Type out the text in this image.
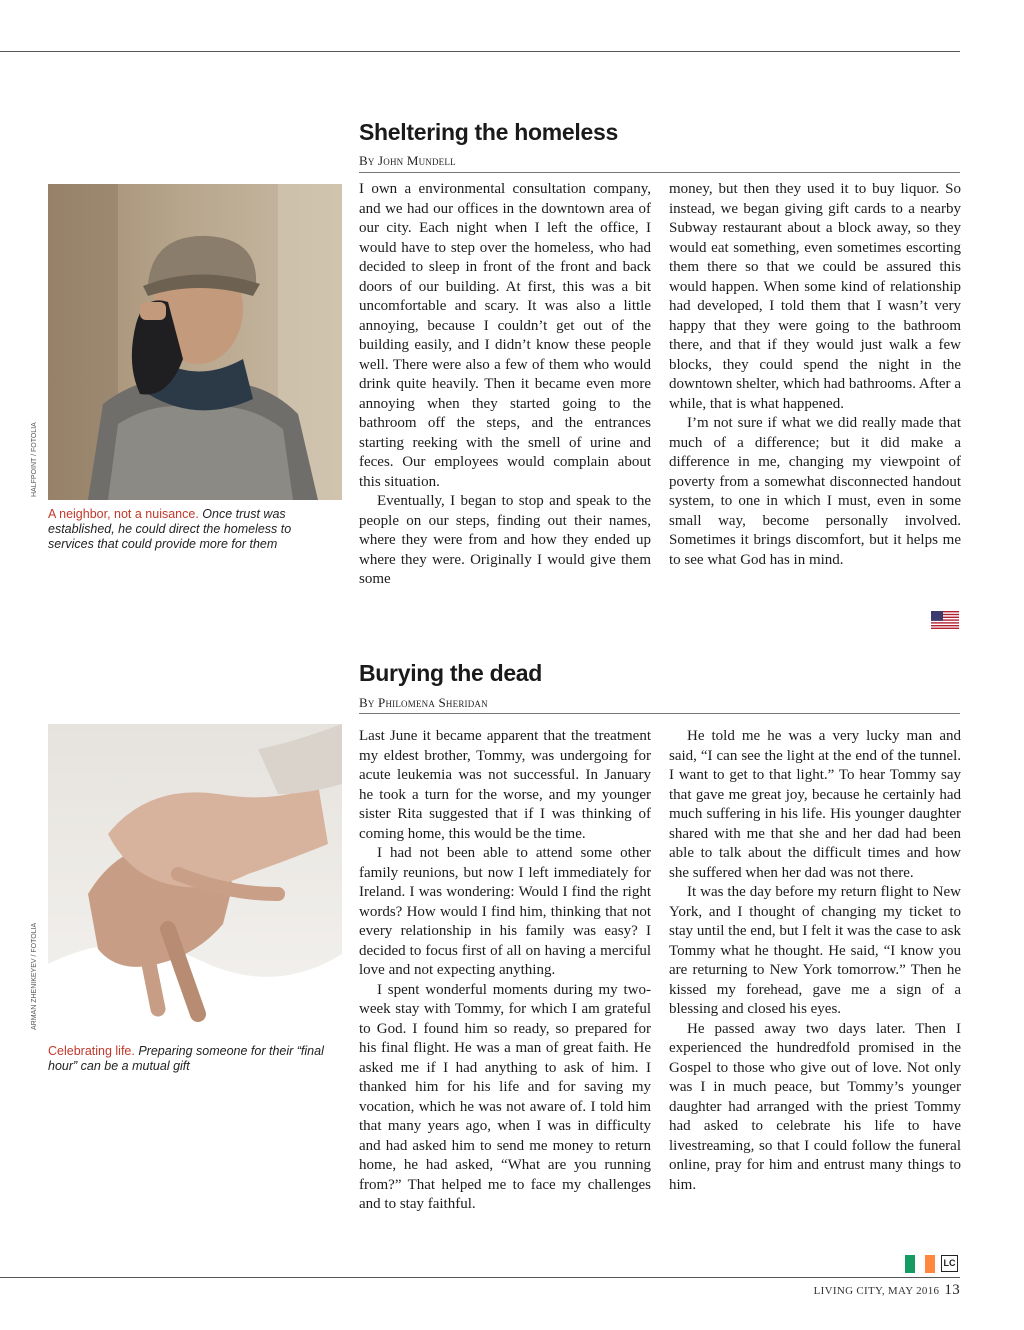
HALFPOINT / FOTOLIA

A neighbor, not a nuisance. Once trust was established, he could direct the homeless to services that could provide more for them

Sheltering the homeless

By John Mundell

I own a environmental consultation company, and we had our offices in the downtown area of our city. Each night when I left the office, I would have to step over the homeless, who had decided to sleep in front of the front and back doors of our building. At first, this was a bit uncomfortable and scary. It was also a little annoying, because I couldn’t get out of the building easily, and I didn’t know these people well. There were also a few of them who would drink quite heavily. Then it became even more annoying when they started going to the bathroom off the steps, and the entrances starting reeking with the smell of urine and feces. Our employees would complain about this situation.

Eventually, I began to stop and speak to the people on our steps, finding out their names, where they were from and how they ended up where they were. Originally I would give them some

money, but then they used it to buy liquor. So instead, we began giving gift cards to a nearby Subway restaurant about a block away, so they would eat something, even sometimes escorting them there so that we could be assured this would happen. When some kind of relationship had developed, I told them that I wasn’t very happy that they were going to the bathroom there, and that if they would just walk a few blocks, they could spend the night in the downtown shelter, which had bathrooms. After a while, that is what happened.

I’m not sure if what we did really made that much of a difference; but it did make a difference in me, changing my viewpoint of poverty from a somewhat disconnected handout system, to one in which I must, even in some small way, become personally involved. Sometimes it brings discomfort, but it helps me to see what God has in mind.

ARMAN ZHENIKEYEV / FOTOLIA

Celebrating life. Preparing someone for their “final hour” can be a mutual gift

Burying the dead

By Philomena Sheridan

Last June it became apparent that the treatment my eldest brother, Tommy, was undergoing for acute leukemia was not successful. In January he took a turn for the worse, and my younger sister Rita suggested that if I was thinking of coming home, this would be the time.

I had not been able to attend some other family reunions, but now I left immediately for Ireland. I was wondering: Would I find the right words? How would I find him, thinking that not every relationship in his family was easy? I decided to focus first of all on having a merciful love and not expecting anything.

I spent wonderful moments during my two-week stay with Tommy, for which I am grateful to God. I found him so ready, so prepared for his final flight. He was a man of great faith. He asked me if I had anything to ask of him. I thanked him for his life and for saving my vocation, which he was not aware of. I told him that many years ago, when I was in difficulty and had asked him to send me money to return home, he had asked, “What are you running from?” That helped me to face my challenges and to stay faithful.

He told me he was a very lucky man and said, “I can see the light at the end of the tunnel. I want to get to that light.” To hear Tommy say that gave me great joy, because he certainly had much suffering in his life. His younger daughter shared with me that she and her dad had been able to talk about the difficult times and how she suffered when her dad was not there.

It was the day before my return flight to New York, and I thought of changing my ticket to stay until the end, but I felt it was the case to ask Tommy what he thought. He said, “I know you are returning to New York tomorrow.” Then he kissed my forehead, gave me a sign of a blessing and closed his eyes.

He passed away two days later. Then I experienced the hundredfold promised in the Gospel to those who give out of love. Not only was I in much peace, but Tommy’s younger daughter had arranged with the priest Tommy had asked to celebrate his life to have livestreaming, so that I could follow the funeral online, pray for him and entrust many things to him.

LC
LIVING CITY, MAY 2016 13
